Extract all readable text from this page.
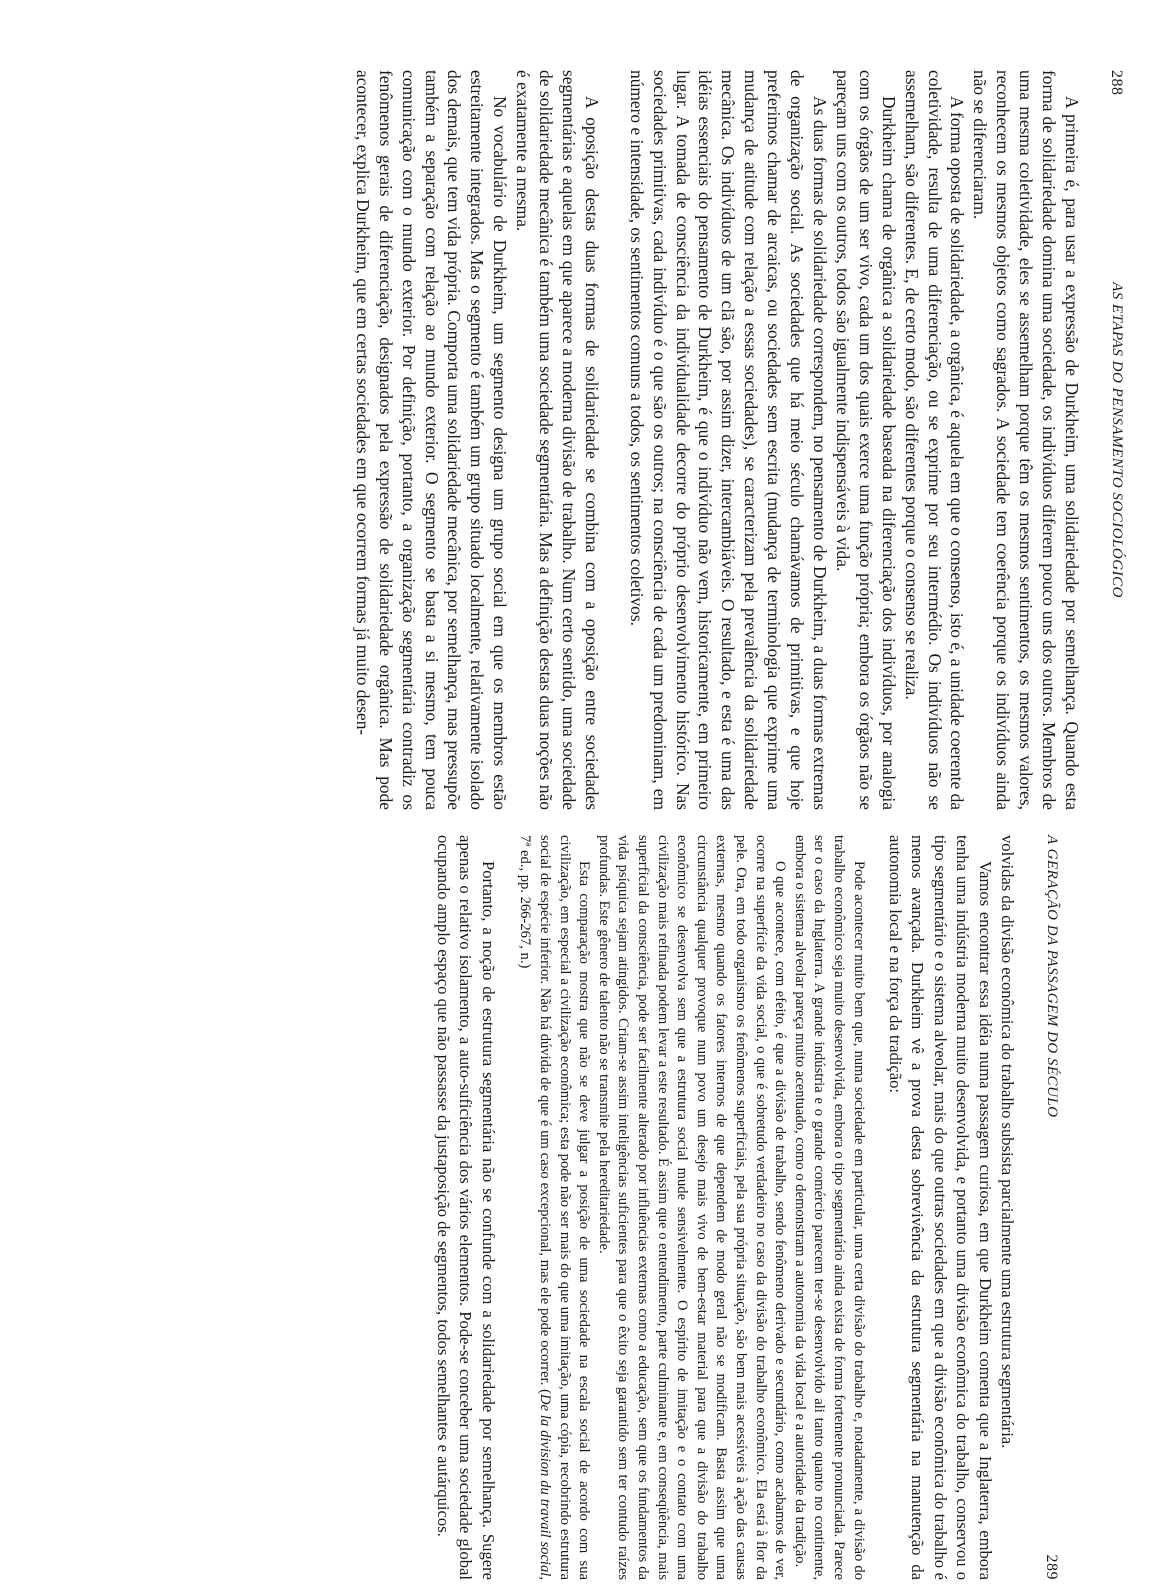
288
AS ETAPAS DO PENSAMENTO SOCIOLÓGICO

A primeira é, para usar a expressão de Durkheim, uma solidariedade por semelhança. Quando esta forma de solidariedade domina uma sociedade, os indivíduos diferem pouco uns dos outros. Membros de uma mesma coletividade, eles se assemelham porque têm os mesmos sentimentos, os mesmos valores, reconhecem os mesmos objetos como sagrados. A sociedade tem coerência porque os indivíduos ainda não se diferenciaram.

A forma oposta de solidariedade, a orgânica, é aquela em que o consenso, isto é, a unidade coerente da coletividade, resulta de uma diferenciação, ou se exprime por seu intermédio. Os indivíduos não se assemelham, são diferentes. E, de certo modo, são diferentes porque o consenso se realiza.

Durkheim chama de orgânica a solidariedade baseada na diferenciação dos indivíduos, por analogia com os órgãos de um ser vivo, cada um dos quais exerce uma função própria; embora os órgãos não se pareçam uns com os outros, todos são igualmente indispensáveis à vida.

As duas formas de solidariedade correspondem, no pensamento de Durkheim, a duas formas extremas de organização social. As sociedades que há meio século chamávamos de primitivas, e que hoje preferimos chamar de arcaicas, ou sociedades sem escrita (mudança de terminologia que exprime uma mudança de atitude com relação a essas sociedades), se caracterizam pela prevalência da solidariedade mecânica. Os indivíduos de um clã são, por assim dizer, intercambiáveis. O resultado, e esta é uma das idéias essenciais do pensamento de Durkheim, é que o indivíduo não vem, historicamente, em primeiro lugar. A tomada de consciência da individualidade decorre do próprio desenvolvimento histórico. Nas sociedades primitivas, cada indivíduo é o que são os outros; na consciência de cada um predominam, em número e intensidade, os sentimentos comuns a todos, os sentimentos coletivos.

A oposição destas duas formas de solidariedade se combina com a oposição entre sociedades segmentárias e aquelas em que aparece a moderna divisão de trabalho. Num certo sentido, uma sociedade de solidariedade mecânica é também uma sociedade segmentária. Mas a definição destas duas noções não é exatamente a mesma.

No vocabulário de Durkheim, um segmento designa um grupo social em que os membros estão estreitamente integrados. Mas o segmento é também um grupo situado localmente, relativamente isolado dos demais, que tem vida própria. Comporta uma solidariedade mecânica, por semelhança, mas pressupõe também a separação com relação ao mundo exterior. O segmento se basta a si mesmo, tem pouca comunicação com o mundo exterior. Por definição, portanto, a organização segmentária contradiz os fenômenos gerais de diferenciação, designados pela expressão de solidariedade orgânica. Mas pode acontecer, explica Durkheim, que em certas sociedades em que ocorrem formas já muito desen-

A GERAÇÃO DA PASSAGEM DO SÉCULO
289

volvidas da divisão econômica do trabalho subsista parcialmente uma estrutura segmentária.

Vamos encontrar essa idéia numa passagem curiosa, em que Durkheim comenta que a Inglaterra, embora tenha uma indústria moderna muito desenvolvida, e portanto uma divisão econômica do trabalho, conservou o tipo segmentário e o sistema alveolar, mais do que outras sociedades em que a divisão econômica do trabalho é menos avançada. Durkheim vê a prova desta sobrevivência da estrutura segmentária na manutenção da autonomia local e na força da tradição:

Pode acontecer muito bem que, numa sociedade em particular, uma certa divisão do trabalho e, notadamente, a divisão do trabalho econômico seja muito desenvolvida, embora o tipo segmentário ainda exista de forma fortemente pronunciada. Parece ser o caso da Inglaterra. A grande indústria e o grande comércio parecem ter-se desenvolvido ali tanto quanto no continente, embora o sistema alveolar pareça muito acentuado, como o demonstram a autonomia da vida local e a autoridade da tradição.

O que acontece, com efeito, é que a divisão de trabalho, sendo fenômeno derivado e secundário, como acabamos de ver, ocorre na superfície da vida social, o que é sobretudo verdadeiro no caso da divisão do trabalho econômico. Ela está à flor da pele. Ora, em todo organismo os fenômenos superficiais, pela sua própria situação, são bem mais acessíveis à ação das causas externas, mesmo quando os fatores internos de que dependem de modo geral não se modificam. Basta assim que uma circunstância qualquer provoque num povo um desejo mais vivo de bem-estar material para que a divisão do trabalho econômico se desenvolva sem que a estrutura social mude sensivelmente. O espírito de imitação e o contato com uma civilização mais refinada podem levar a este resultado. É assim que o entendimento, parte culminante e, em conseqüência, mais superficial da consciência, pode ser facilmente alterado por influências externas como a educação, sem que os fundamentos da vida psíquica sejam atingidos. Criam-se assim inteligências suficientes para que o êxito seja garantido sem ter contudo raízes profundas. Este gênero de talento não se transmite pela hereditariedade.

Esta comparação mostra que não se deve julgar a posição de uma sociedade na escala social de acordo com sua civilização, em especial a civilização econômica; esta pode não ser mais do que uma imitação, uma cópia, recobrindo estrutura social de espécie inferior. Não há dúvida de que é um caso excepcional, mas ele pode ocorrer. (De la division du travail social, 7ª ed., pp. 266-267, n.)

Portanto, a noção de estrutura segmentária não se confunde com a solidariedade por semelhança. Sugere apenas o relativo isolamento, a auto-suficiência dos vários elementos. Pode-se conceber uma sociedade global ocupando amplo espaço que não passasse da justaposição de segmentos, todos semelhantes e autárquicos.
